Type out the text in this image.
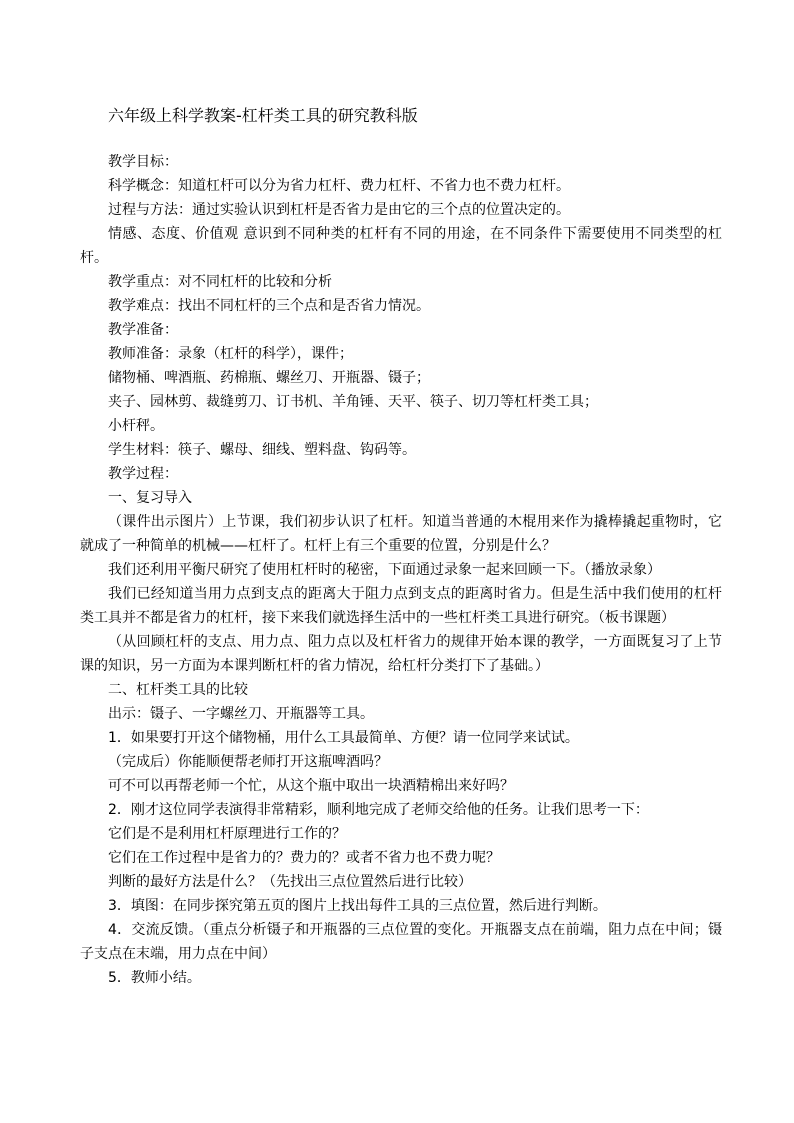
六年级上科学教案-杠杆类工具的研究教科版

教学目标：

科学概念：知道杠杆可以分为省力杠杆、费力杠杆、不省力也不费力杠杆。

过程与方法：通过实验认识到杠杆是否省力是由它的三个点的位置决定的。

情感、态度、价值观 意识到不同种类的杠杆有不同的用途，在不同条件下需要使用不同类型的杠杆。

教学重点：对不同杠杆的比较和分析

教学难点：找出不同杠杆的三个点和是否省力情况。

教学准备：

教师准备：录象（杠杆的科学），课件；

储物桶、啤酒瓶、药棉瓶、螺丝刀、开瓶器、镊子；

夹子、园林剪、裁缝剪刀、订书机、羊角锤、天平、筷子、切刀等杠杆类工具；

小杆秤。

学生材料：筷子、螺母、细线、塑料盘、钩码等。

教学过程：

一、复习导入

（课件出示图片）上节课，我们初步认识了杠杆。知道当普通的木棍用来作为撬棒撬起重物时，它就成了一种简单的机械——杠杆了。杠杆上有三个重要的位置，分别是什么？

我们还利用平衡尺研究了使用杠杆时的秘密，下面通过录象一起来回顾一下。（播放录象）

我们已经知道当用力点到支点的距离大于阻力点到支点的距离时省力。但是生活中我们使用的杠杆类工具并不都是省力的杠杆，接下来我们就选择生活中的一些杠杆类工具进行研究。（板书课题）

（从回顾杠杆的支点、用力点、阻力点以及杠杆省力的规律开始本课的教学，一方面既复习了上节课的知识，另一方面为本课判断杠杆的省力情况，给杠杆分类打下了基础。）

二、杠杆类工具的比较

出示：镊子、一字螺丝刀、开瓶器等工具。

1．如果要打开这个储物桶，用什么工具最简单、方便？请一位同学来试试。

（完成后）你能顺便帮老师打开这瓶啤酒吗？

可不可以再帮老师一个忙，从这个瓶中取出一块酒精棉出来好吗？

2．刚才这位同学表演得非常精彩，顺利地完成了老师交给他的任务。让我们思考一下：

它们是不是利用杠杆原理进行工作的？

它们在工作过程中是省力的？费力的？或者不省力也不费力呢？

判断的最好方法是什么？（先找出三点位置然后进行比较）

3．填图：在同步探究第五页的图片上找出每件工具的三点位置，然后进行判断。

4．交流反馈。（重点分析镊子和开瓶器的三点位置的变化。开瓶器支点在前端，阻力点在中间；镊子支点在末端，用力点在中间）

5．教师小结。
